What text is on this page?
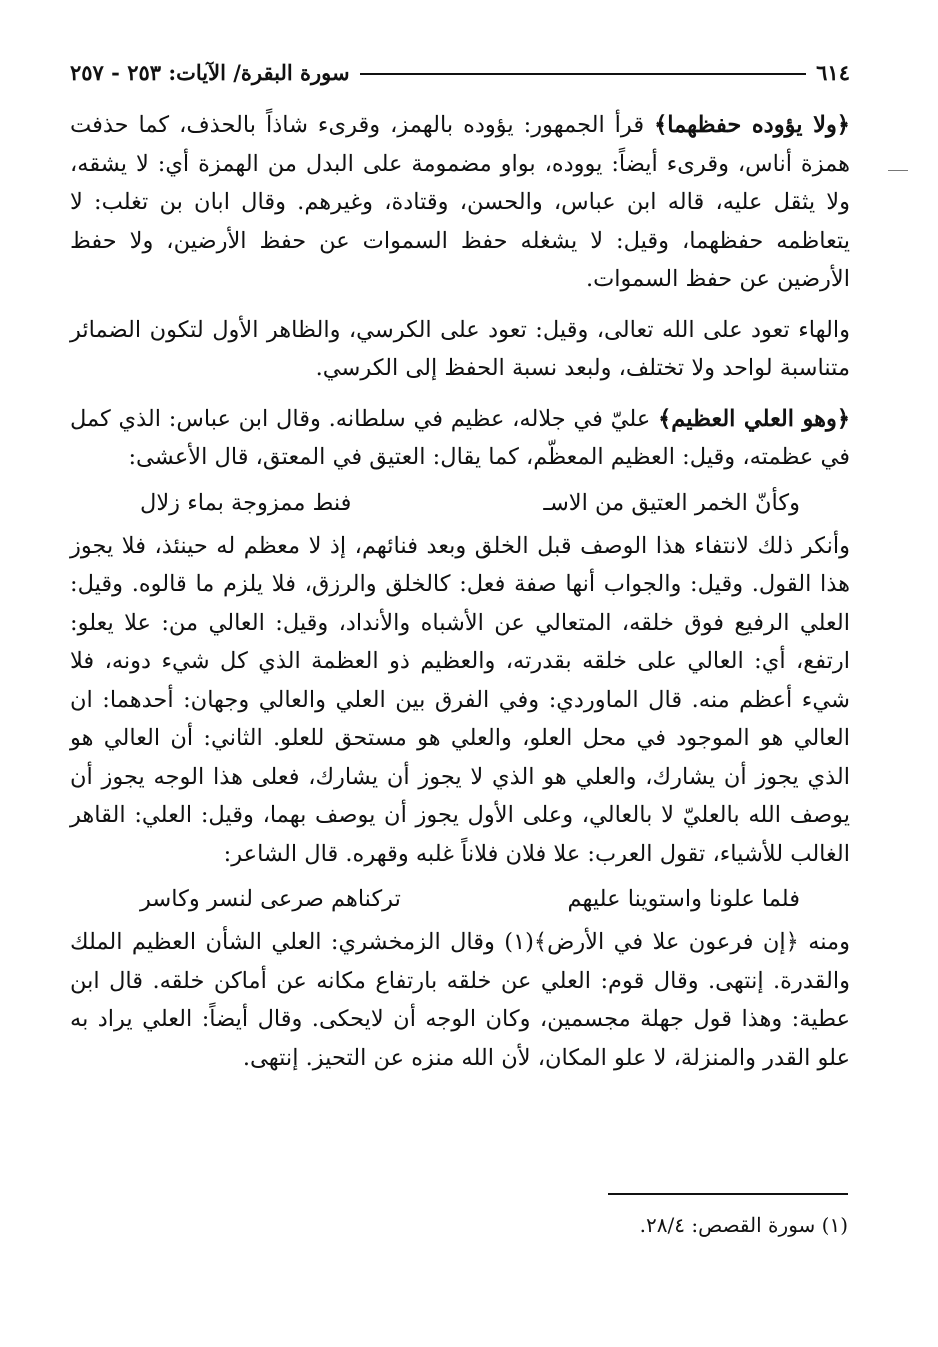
٦١٤
سورة البقرة/ الآيات: ٢٥٣ - ٢٥٧

﴿ولا يؤوده حفظهما﴾ قرأ الجمهور: يؤوده بالهمز، وقرىء شاذاً بالحذف، كما حذفت همزة أناس، وقرىء أيضاً: يووده، بواو مضمومة على البدل من الهمزة أي: لا يشقه، ولا يثقل عليه، قاله ابن عباس، والحسن، وقتادة، وغيرهم. وقال ابان بن تغلب: لا يتعاظمه حفظهما، وقيل: لا يشغله حفظ السموات عن حفظ الأرضين، ولا حفظ الأرضين عن حفظ السموات.

والهاء تعود على الله تعالى، وقيل: تعود على الكرسي، والظاهر الأول لتكون الضمائر متناسبة لواحد ولا تختلف، ولبعد نسبة الحفظ إلى الكرسي.

﴿وهو العلي العظيم﴾ عليّ في جلاله، عظيم في سلطانه. وقال ابن عباس: الذي كمل في عظمته، وقيل: العظيم المعظّم، كما يقال: العتيق في المعتق، قال الأعشى:

وكأنّ الخمر العتيق من الاسـ
فنط ممزوجة بماء زلال

وأنكر ذلك لانتفاء هذا الوصف قبل الخلق وبعد فنائهم، إذ لا معظم له حينئذ، فلا يجوز هذا القول. وقيل: والجواب أنها صفة فعل: كالخلق والرزق، فلا يلزم ما قالوه. وقيل: العلي الرفيع فوق خلقه، المتعالي عن الأشباه والأنداد، وقيل: العالي من: علا يعلو: ارتفع، أي: العالي على خلقه بقدرته، والعظيم ذو العظمة الذي كل شيء دونه، فلا شيء أعظم منه. قال الماوردي: وفي الفرق بين العلي والعالي وجهان: أحدهما: ان العالي هو الموجود في محل العلو، والعلي هو مستحق للعلو. الثاني: أن العالي هو الذي يجوز أن يشارك، والعلي هو الذي لا يجوز أن يشارك، فعلى هذا الوجه يجوز أن يوصف الله بالعليّ لا بالعالي، وعلى الأول يجوز أن يوصف بهما، وقيل: العلي: القاهر الغالب للأشياء، تقول العرب: علا فلان فلاناً غلبه وقهره. قال الشاعر:

فلما علونا واستوينا عليهم
تركناهم صرعى لنسر وكاسر

ومنه ﴿إن فرعون علا في الأرض﴾(١) وقال الزمخشري: العلي الشأن العظيم الملك والقدرة. إنتهى. وقال قوم: العلي عن خلقه بارتفاع مكانه عن أماكن خلقه. قال ابن عطية: وهذا قول جهلة مجسمين، وكان الوجه أن لايحكى. وقال أيضاً: العلي يراد به علو القدر والمنزلة، لا علو المكان، لأن الله منزه عن التحيز. إنتهى.

(١) سورة القصص: ٢٨/٤.
